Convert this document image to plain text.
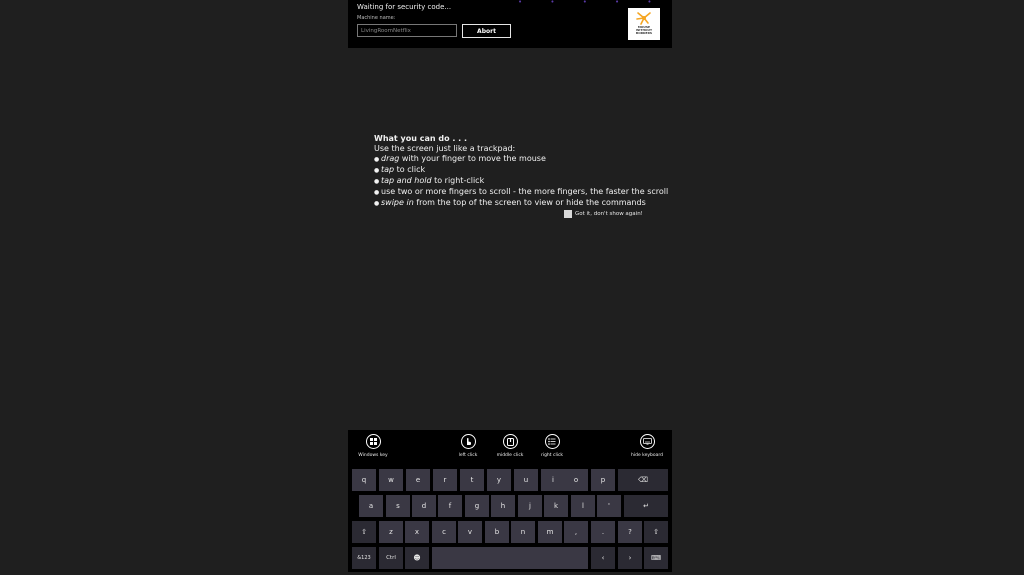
Waiting for security code...
• • • • •
Machine name:
LivingRoomNetflix
Abort
MOUSE
WITHOUT
BORDERS
What you can do . . .
Use the screen just like a trackpad:
● drag with your finger to move the mouse
● tap to click
● tap and hold to right-click
● use two or more fingers to scroll - the more fingers, the faster the scroll
● swipe in from the top of the screen to view or hide the commands
Got it, don't show again!
Windows key	left click	middle click	right click	hide keyboard
q	w	e	r	t	y	u	i	o	p	⌫
a	s	d	f	g	h	j	k	l	'	↵
⇧	z	x	c	v	b	n	m	,	.	?	⇧
&123	Ctrl	☻	‹	›	⌨
